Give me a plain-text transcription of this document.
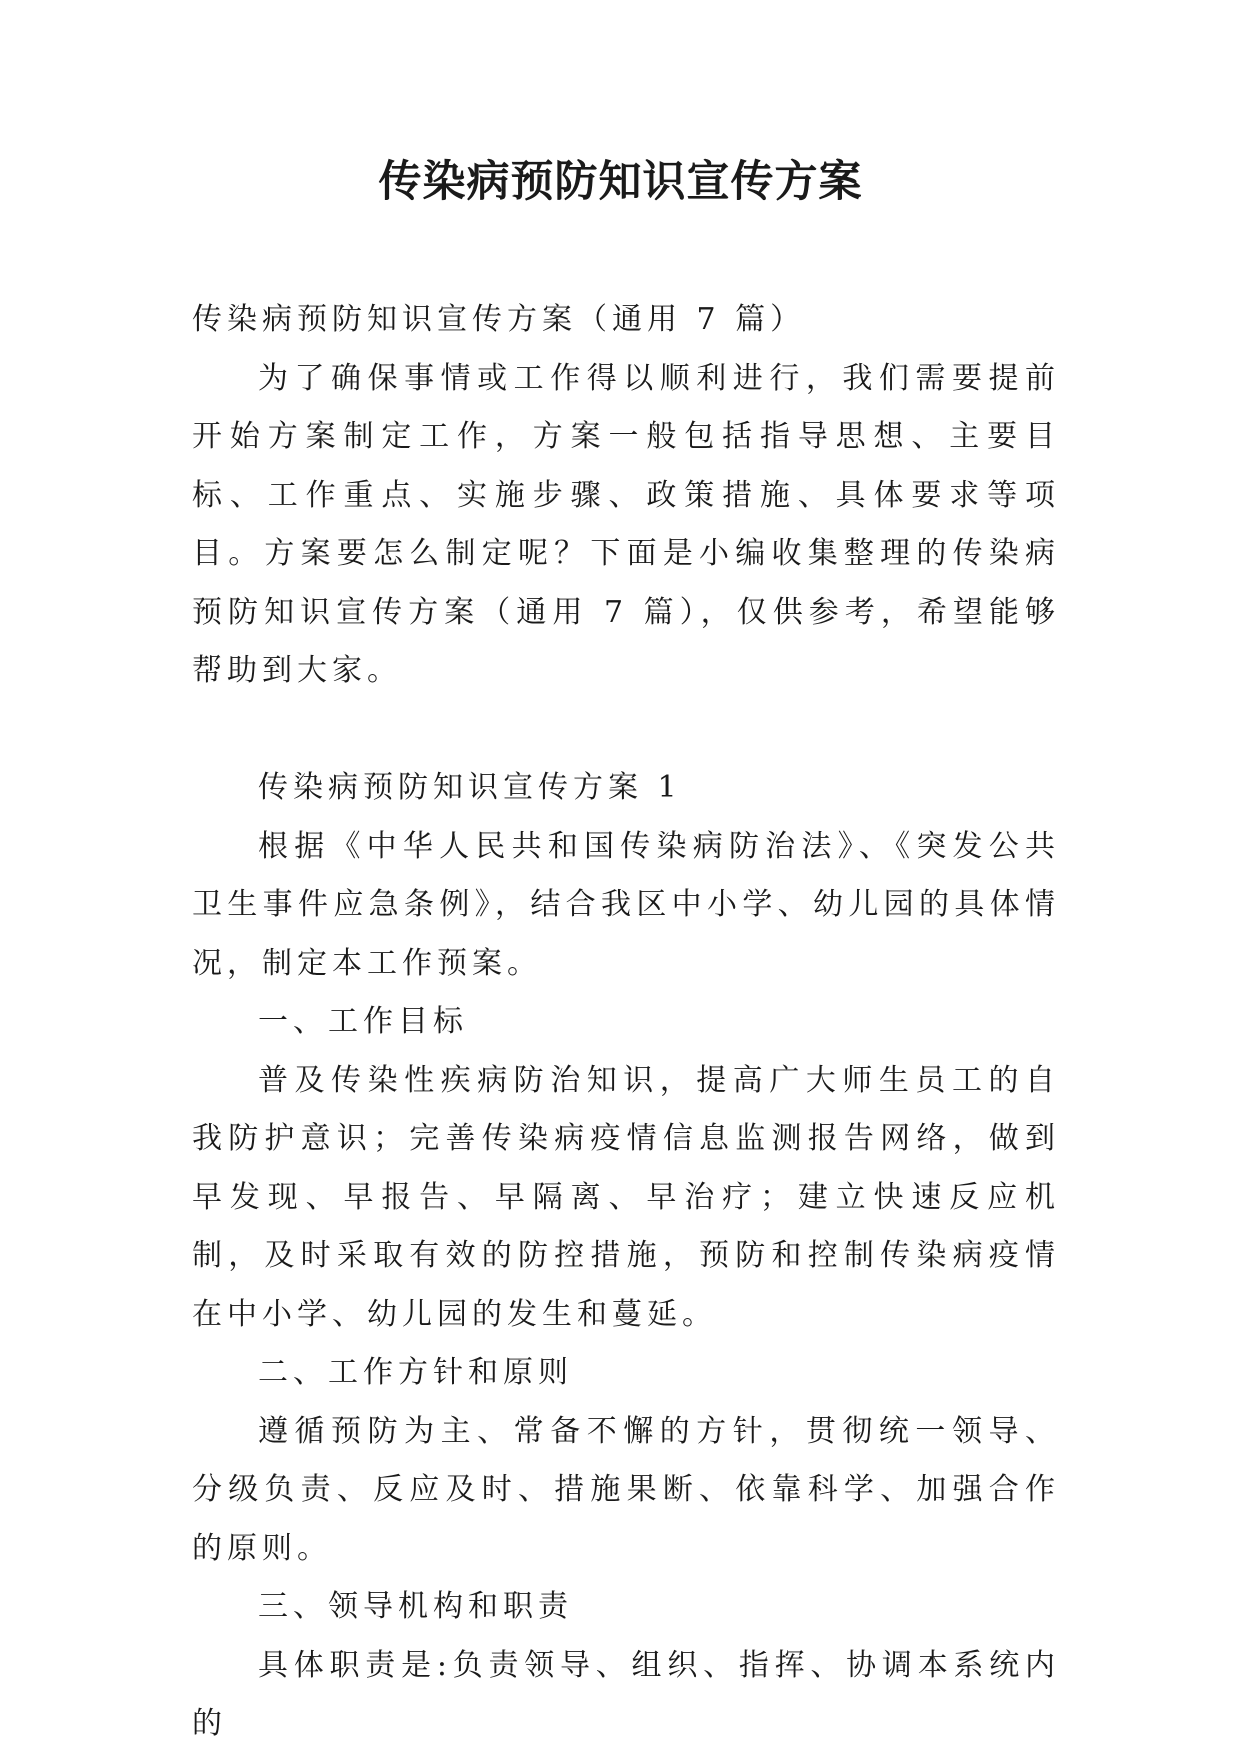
传染病预防知识宣传方案

传染病预防知识宣传方案（通用 7 篇）

为了确保事情或工作得以顺利进行，我们需要提前开始方案制定工作，方案一般包括指导思想、主要目标、工作重点、实施步骤、政策措施、具体要求等项目。方案要怎么制定呢？下面是小编收集整理的传染病预防知识宣传方案（通用 7 篇），仅供参考，希望能够帮助到大家。

传染病预防知识宣传方案 1

根据《中华人民共和国传染病防治法》、《突发公共卫生事件应急条例》，结合我区中小学、幼儿园的具体情况，制定本工作预案。

一、工作目标

普及传染性疾病防治知识，提高广大师生员工的自我防护意识；完善传染病疫情信息监测报告网络，做到早发现、早报告、早隔离、早治疗；建立快速反应机制，及时采取有效的防控措施，预防和控制传染病疫情在中小学、幼儿园的发生和蔓延。

二、工作方针和原则

遵循预防为主、常备不懈的方针，贯彻统一领导、分级负责、反应及时、措施果断、依靠科学、加强合作的原则。

三、领导机构和职责

具体职责是:负责领导、组织、指挥、协调本系统内的
